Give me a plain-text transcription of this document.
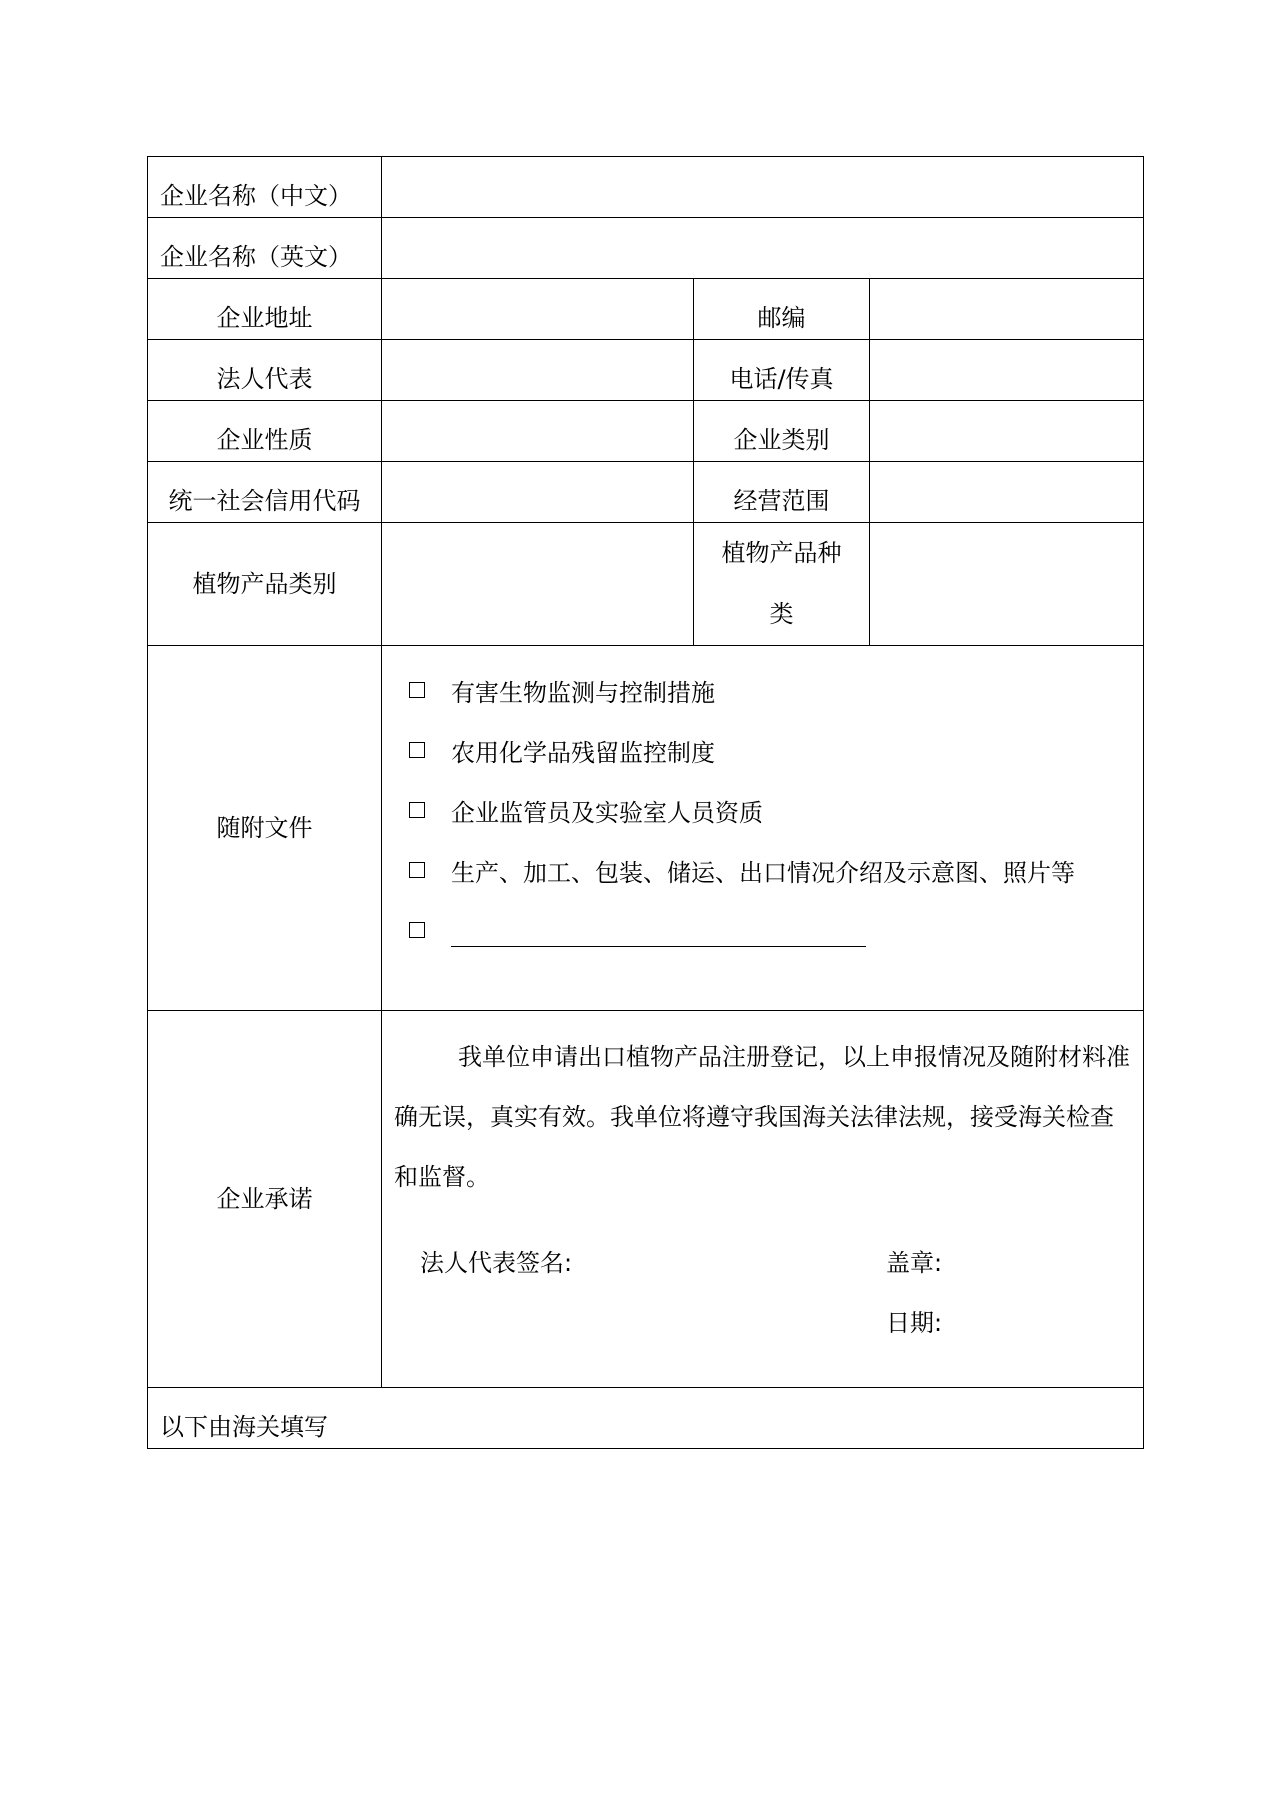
企业名称（中文）			
企业名称（英文）			
企业地址		邮编	
法人代表		电话/传真	
企业性质		企业类别	
统一社会信用代码		经营范围	
植物产品类别		植物产品种
类	

随附文件	有害生物监测与控制措施
农用化学品残留监控制度
企业监管员及实验室人员资质
生产、加工、包装、储运、出口情况介绍及示意图、照片等		

企业承诺	我单位申请出口植物产品注册登记，以上申报情况及随附材料准确无误，真实有效。我单位将遵守我国海关法律法规，接受海关检查和监督。

法人代表签名: 盖章:
日期:		

以下由海关填写			
